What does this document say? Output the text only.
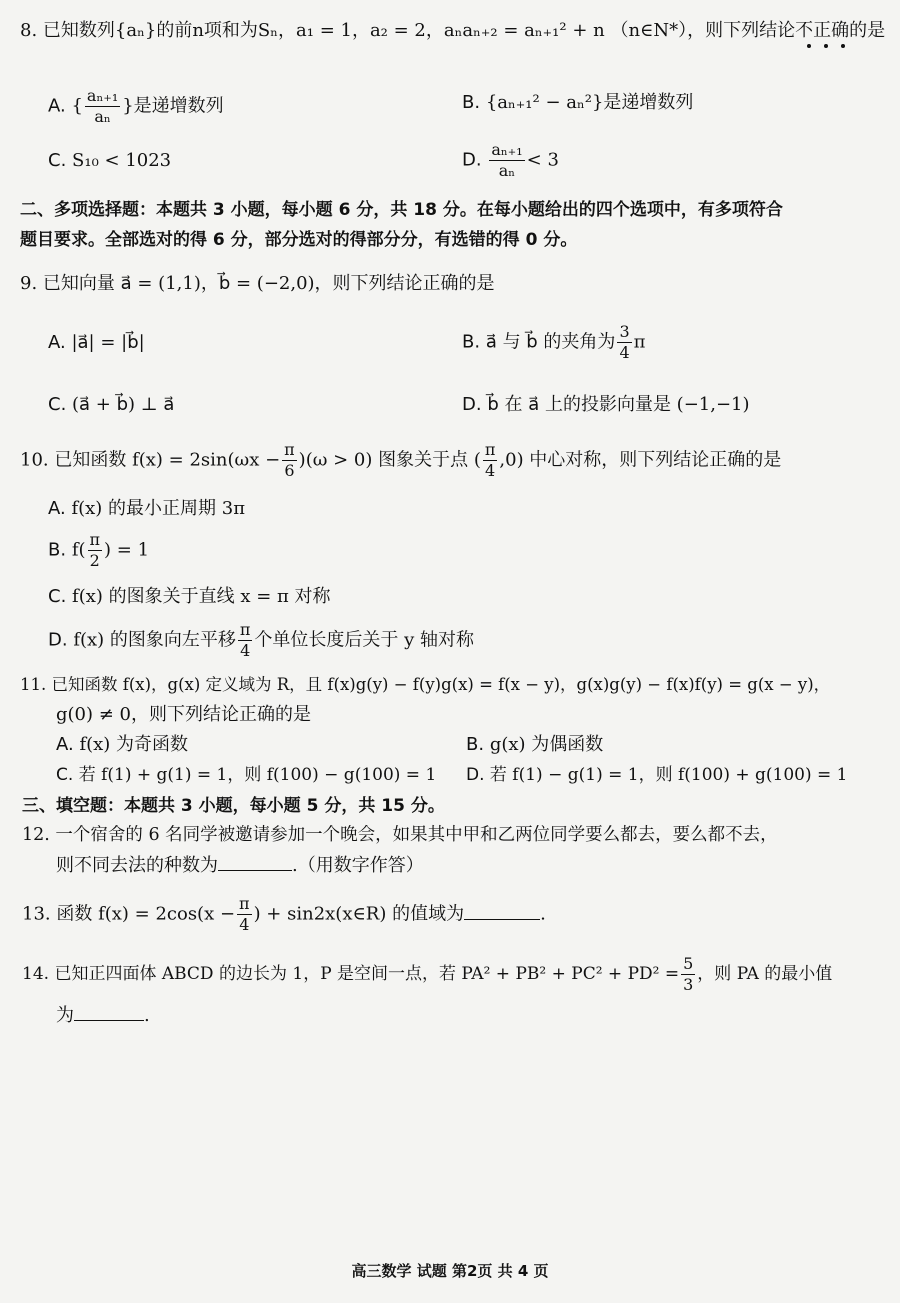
8. 已知数列{aₙ}的前n项和为Sₙ，a₁ = 1，a₂ = 2，aₙaₙ₊₂ = aₙ₊₁² + n （n∈N*），则下列结论不正确的是
A. { $\frac{\text{aₙ₊₁}}{\text{aₙ}}$ }是递增数列	B. {aₙ₊₁² − aₙ²}是递增数列
C. S₁₀ < 1023	D. $\frac{\text{aₙ₊₁}}{\text{aₙ}} < 3$
二、多项选择题：本题共 3 小题，每小题 6 分，共 18 分。在每小题给出的四个选项中，有多项符合
题目要求。全部选对的得 6 分，部分选对的得部分分，有选错的得 0 分。
9. 已知向量 a⃗ = (1,1)，b⃗ = (−2,0)，则下列结论正确的是
A. |a⃗| = |b⃗|	B. a⃗ 与 b⃗ 的夹角为 $\frac{3}{4}$ π
C. (a⃗ + b⃗) ⊥ a⃗	D. b⃗ 在 a⃗ 上的投影向量是 (−1,−1)
10. 已知函数 $f(x) = 2\sin(\omega x - \frac{\pi}{6} )(\omega > 0)$ 图象关于点 ( $\frac{\pi}{4} ,0$) 中心对称，则下列结论正确的是
A. f(x) 的最小正周期 3π
B. $f( \frac{\pi}{2}$ ) = 1
C. f(x) 的图象关于直线 x = π 对称
D. f(x) 的图象向左平移 $\frac{\pi}{4}$ 个单位长度后关于 y 轴对称
11. 已知函数 f(x)，g(x) 定义域为 R，且 f(x)g(y) − f(y)g(x) = f(x − y)，g(x)g(y) − f(x)f(y) = g(x − y)，
g(0) ≠ 0，则下列结论正确的是
A. f(x) 为奇函数	B. g(x) 为偶函数
C. 若 f(1) + g(1) = 1，则 f(100) − g(100) = 1 D. 若 f(1) − g(1) = 1，则 f(100) + g(100) = 1
三、填空题：本题共 3 小题，每小题 5 分，共 15 分。
12. 一个宿舍的 6 名同学被邀请参加一个晚会，如果其中甲和乙两位同学要么都去，要么都不去，
则不同去法的种数为	.（用数字作答）
13. 函数 $f(x) = 2\cos(x - \frac{\pi}{4}$ ) + sin2x(x∈R) 的值域为	.
14. 已知正四面体 ABCD 的边长为 1，P 是空间一点，若 $PA^2 + PB^2 + PC^2 + PD^2 = \frac{5}{3}$ ，则 PA 的最小值
为	.
高三数学 试题 第2页 共 4 页
